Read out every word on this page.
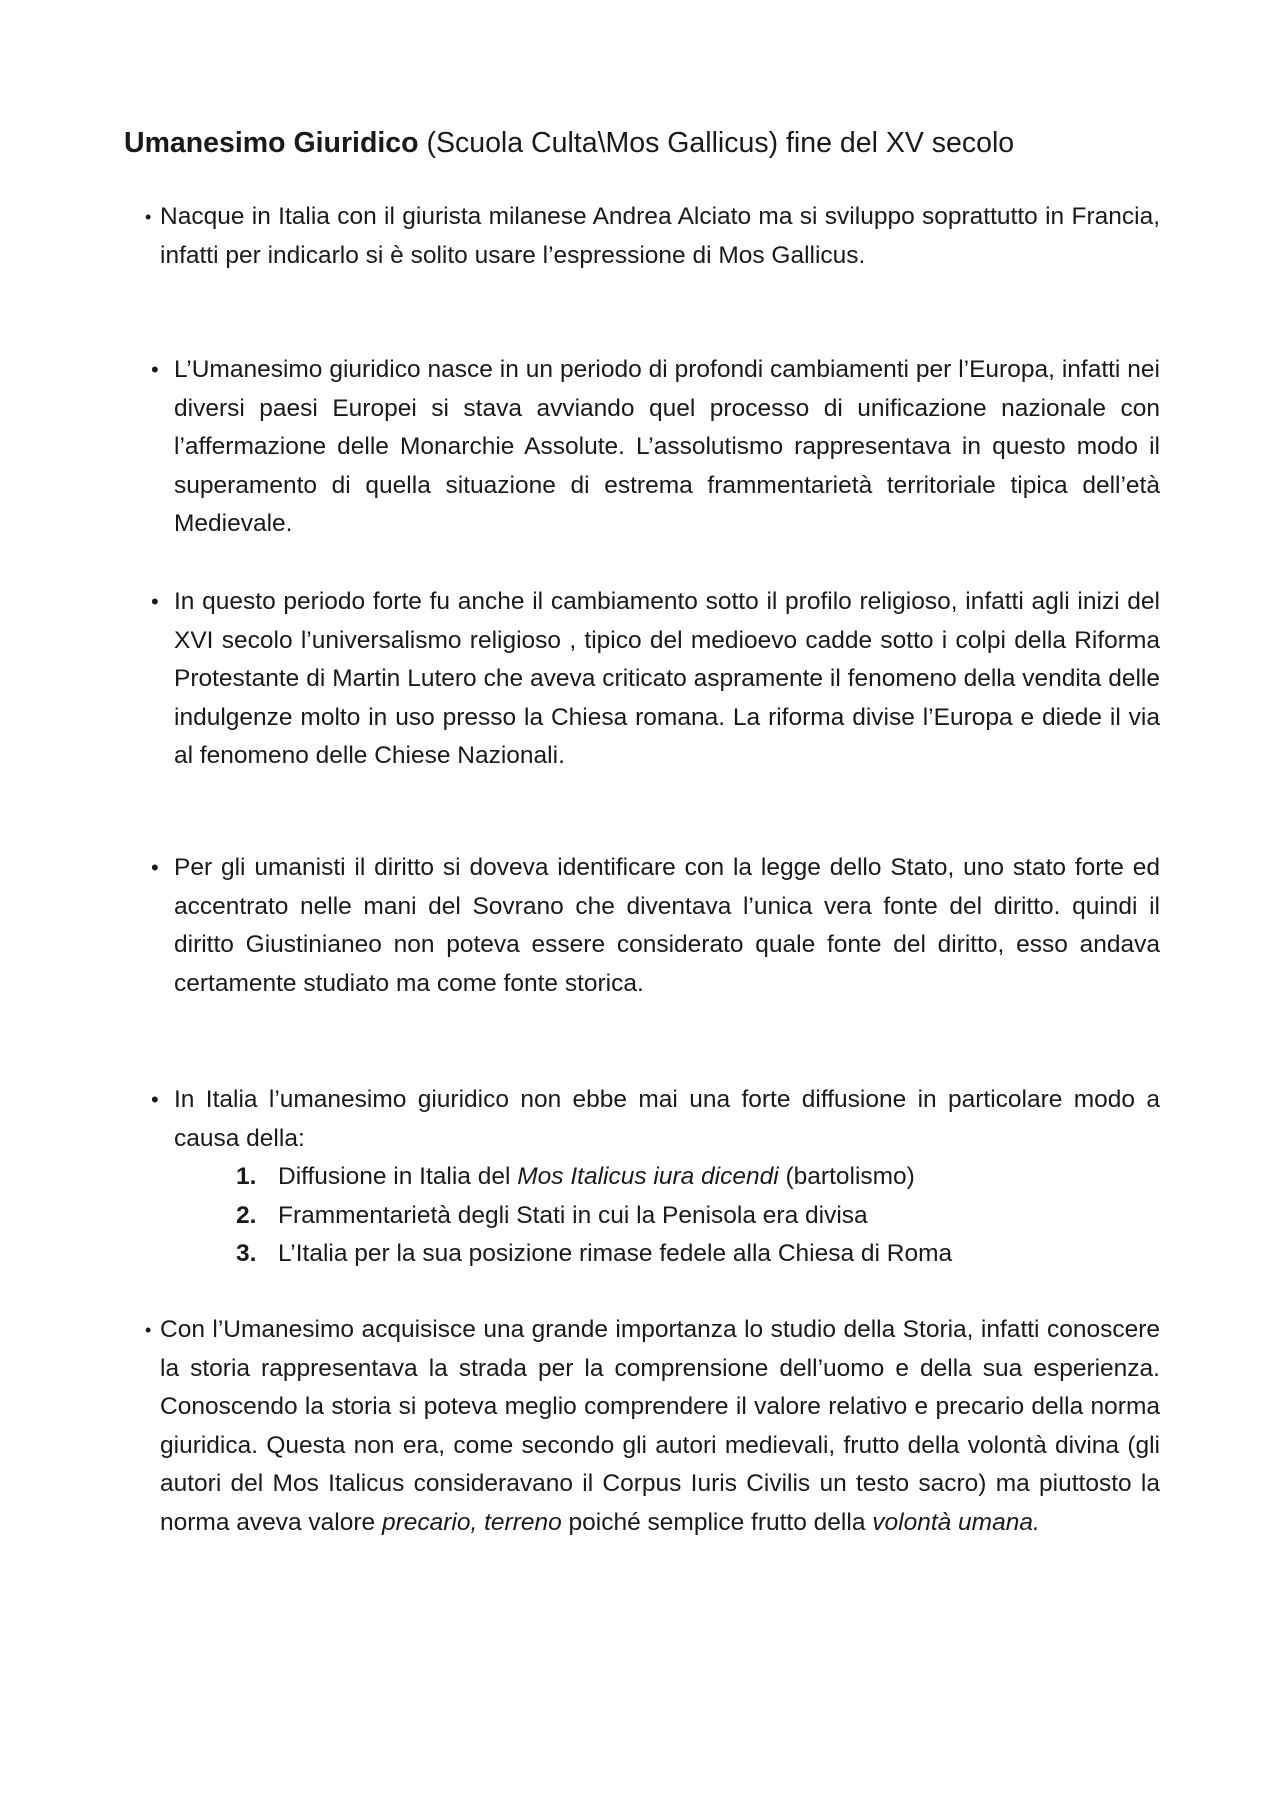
Umanesimo Giuridico (Scuola Culta\Mos Gallicus) fine del XV secolo
• Nacque in Italia con il giurista milanese Andrea Alciato ma si sviluppo soprattutto in Francia, infatti per indicarlo si è solito usare l’espressione di Mos Gallicus.
• L’Umanesimo giuridico nasce in un periodo di profondi cambiamenti per l’Europa, infatti nei diversi paesi Europei si stava avviando quel processo di unificazione nazionale con l’affermazione delle Monarchie Assolute. L’assolutismo rappresentava in questo modo il superamento di quella situazione di estrema frammentarietà territoriale tipica dell’età Medievale.
• In questo periodo forte fu anche il cambiamento sotto il profilo religioso, infatti agli inizi del XVI secolo l’universalismo religioso , tipico del medioevo cadde sotto i colpi della Riforma Protestante di Martin Lutero che aveva criticato aspramente il fenomeno della vendita delle indulgenze molto in uso presso la Chiesa romana. La riforma divise l’Europa e diede il via al fenomeno delle Chiese Nazionali.
• Per gli umanisti il diritto si doveva identificare con la legge dello Stato, uno stato forte ed accentrato nelle mani del Sovrano che diventava l’unica vera fonte del diritto. quindi il diritto Giustinianeo non poteva essere considerato quale fonte del diritto, esso andava certamente studiato ma come fonte storica.
• In Italia l’umanesimo giuridico non ebbe mai una forte diffusione in particolare modo a causa della:
1. Diffusione in Italia del Mos Italicus iura dicendi (bartolismo)
2. Frammentarietà degli Stati in cui la Penisola era divisa
3. L’Italia per la sua posizione rimase fedele alla Chiesa di Roma
• Con l’Umanesimo acquisisce una grande importanza lo studio della Storia, infatti conoscere la storia rappresentava la strada per la comprensione dell’uomo e della sua esperienza. Conoscendo la storia si poteva meglio comprendere il valore relativo e precario della norma giuridica. Questa non era, come secondo gli autori medievali, frutto della volontà divina (gli autori del Mos Italicus consideravano il Corpus Iuris Civilis un testo sacro) ma piuttosto la norma aveva valore precario, terreno poiché semplice frutto della volontà umana.
